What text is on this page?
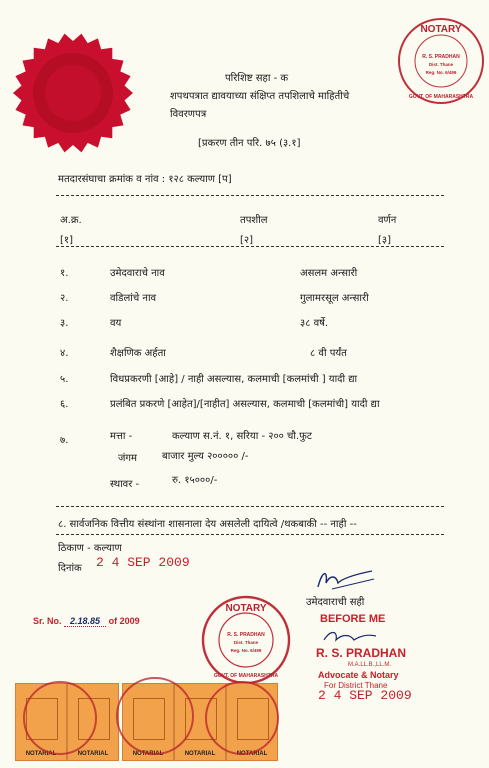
NOTARY
R. S. PRADHAN
Dist. Thane
Reg. No. 6/499
GOVT. OF MAHARASHTRA
परिशिष्ट सहा - क
शपथपत्रात द्यावयाच्या संक्षिप्त तपशिलाचे माहितीचे
विवरणपत्र
[प्रकरण तीन परि. ७५ (३.१]
मतदारसंघाचा क्रमांक व नांव : १२८ कल्याण [प]
अ.क्र.	तपशील	वर्णन
[१]	[२]	[३]
१.	उमेदवाराचे नाव	असलम अन्सारी
२.	वडिलांचे नाव	गुलामरसूल अन्सारी
३.	वय	३८ वर्षे.
४.	शैक्षणिक अर्हता	८ वी पर्यंत
५.	विधप्रकरणी [आहे] / नाही असल्यास, कलमाची [कलमांची ] यादी द्या
६.	प्रलंबित प्रकरणे [आहेत]/[नाहीत] असल्यास, कलमाची [कलमांची] यादी द्या
७.	मत्ता -	कल्याण स.नं. १, सरिया - २०० चौ.फुट
जंगम बाजार मुल्य २००००० /-
स्थावर -	रु. १५०००/-
८. सार्वजनिक वित्तीय संस्थांना शासनाला देय असलेली दायित्वे /थकबाकी -- नाही --
ठिकाण - कल्याण
दिनांक 2 4 SEP 2009
उमेदवाराची सही
Sr. No. 2.18.85 of 2009
NOTARY
R. S. PRADHAN
Dist. Thane
Reg. No. 6/499
GOVT. OF MAHARASHTRA
BEFORE ME
R. S. PRADHAN
M.A.LL.B.,LL.M.
Advocate & Notary
For District Thane
2 4 SEP 2009
NOTARIAL	NOTARIAL	NOTARIAL	NOTARIAL	NOTARIAL
